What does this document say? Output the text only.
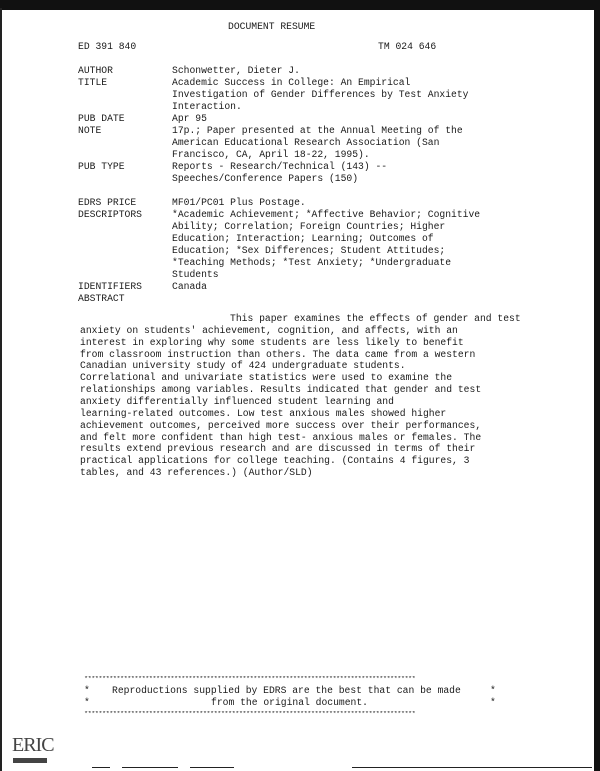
DOCUMENT RESUME
ED 391 840	TM 024 646
AUTHOR	Schonwetter, Dieter J.
TITLE	Academic Success in College: An Empirical
Investigation of Gender Differences by Test Anxiety
Interaction.
PUB DATE	Apr 95
NOTE	17p.; Paper presented at the Annual Meeting of the
American Educational Research Association (San
Francisco, CA, April 18-22, 1995).
PUB TYPE	Reports - Research/Technical (143) --
Speeches/Conference Papers (150)
EDRS PRICE	MF01/PC01 Plus Postage.
DESCRIPTORS	*Academic Achievement; *Affective Behavior; Cognitive
Ability; Correlation; Foreign Countries; Higher
Education; Interaction; Learning; Outcomes of
Education; *Sex Differences; Student Attitudes;
*Teaching Methods; *Test Anxiety; *Undergraduate
Students
IDENTIFIERS	Canada
ABSTRACT
This paper examines the effects of gender and test
anxiety on students' achievement, cognition, and affects, with an
interest in exploring why some students are less likely to benefit
from classroom instruction than others. The data came from a western
Canadian university study of 424 undergraduate students.
Correlational and univariate statistics were used to examine the
relationships among variables. Results indicated that gender and test
anxiety differentially influenced student learning and
learning-related outcomes. Low test anxious males showed higher
achievement outcomes, perceived more success over their performances,
and felt more confident than high test- anxious males or females. The
results extend previous research and are discussed in terms of their
practical applications for college teaching. (Contains 4 figures, 3
tables, and 43 references.) (Author/SLD)
********************************************************************************************
* Reproductions supplied by EDRS are the best that can be made	*
*	from the original document.	*
********************************************************************************************
ERIC
